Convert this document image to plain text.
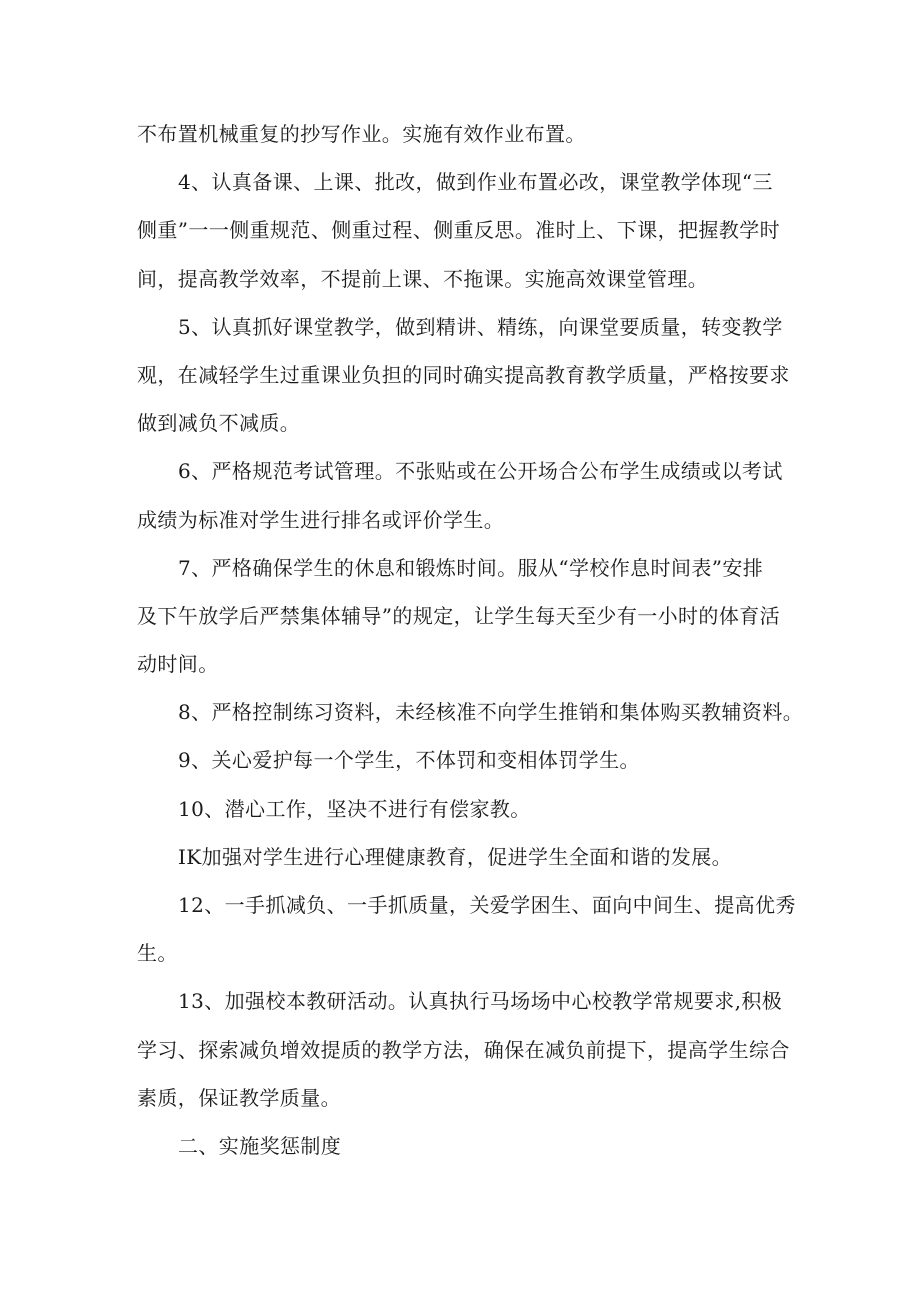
不布置机械重复的抄写作业。实施有效作业布置。
4、认真备课、上课、批改，做到作业布置必改，课堂教学体现“三
侧重”一一侧重规范、侧重过程、侧重反思。准时上、下课，把握教学时
间，提高教学效率，不提前上课、不拖课。实施高效课堂管理。
5、认真抓好课堂教学，做到精讲、精练，向课堂要质量，转变教学
观，在减轻学生过重课业负担的同时确实提高教育教学质量，严格按要求
做到减负不减质。
6、严格规范考试管理。不张贴或在公开场合公布学生成绩或以考试
成绩为标准对学生进行排名或评价学生。
7、严格确保学生的休息和锻炼时间。服从“学校作息时间表”安排
及下午放学后严禁集体辅导”的规定，让学生每天至少有一小时的体育活
动时间。
8、严格控制练习资料，未经核准不向学生推销和集体购买教辅资料。
9、关心爱护每一个学生，不体罚和变相体罚学生。
10、潜心工作，坚决不进行有偿家教。
IK加强对学生进行心理健康教育，促进学生全面和谐的发展。
12、一手抓减负、一手抓质量，关爱学困生、面向中间生、提高优秀
生。
13、加强校本教研活动。认真执行马场场中心校教学常规要求,积极
学习、探索减负增效提质的教学方法，确保在减负前提下，提高学生综合
素质，保证教学质量。
二、实施奖惩制度
